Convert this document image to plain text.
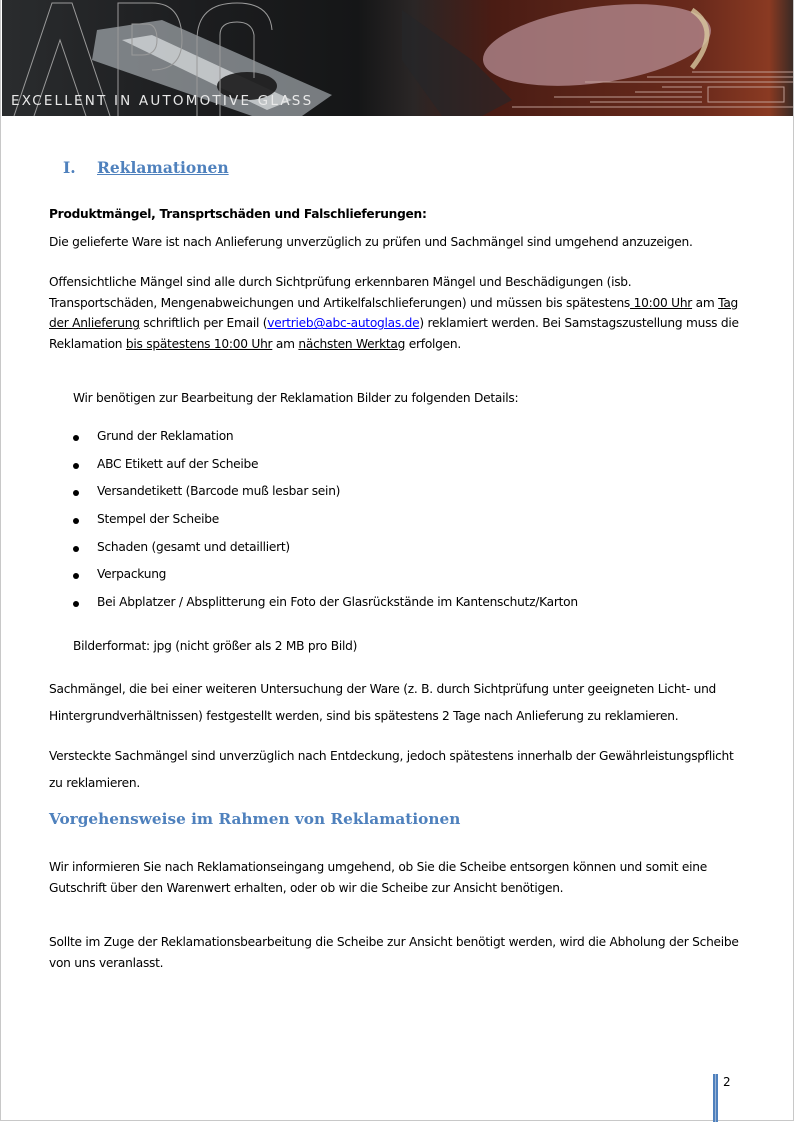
EXCELLENT IN AUTOMOTIVE GLASS
I. Reklamationen
Produktmängel, Transprtschäden und Falschlieferungen:
Die gelieferte Ware ist nach Anlieferung unverzüglich zu prüfen und Sachmängel sind umgehend anzuzeigen.
Offensichtliche Mängel sind alle durch Sichtprüfung erkennbaren Mängel und Beschädigungen (isb.
Transportschäden, Mengenabweichungen und Artikelfalschlieferungen) und müssen bis spätestens 10:00 Uhr am Tag
der Anlieferung schriftlich per Email (vertrieb@abc-autoglas.de) reklamiert werden. Bei Samstagszustellung muss die
Reklamation bis spätestens 10:00 Uhr am nächsten Werktag erfolgen.
Wir benötigen zur Bearbeitung der Reklamation Bilder zu folgenden Details:
Grund der Reklamation
ABC Etikett auf der Scheibe
Versandetikett (Barcode muß lesbar sein)
Stempel der Scheibe
Schaden (gesamt und detailliert)
Verpackung
Bei Abplatzer / Absplitterung ein Foto der Glasrückstände im Kantenschutz/Karton
Bilderformat: jpg (nicht größer als 2 MB pro Bild)
Sachmängel, die bei einer weiteren Untersuchung der Ware (z. B. durch Sichtprüfung unter geeigneten Licht- und
Hintergrundverhältnissen) festgestellt werden, sind bis spätestens 2 Tage nach Anlieferung zu reklamieren.
Versteckte Sachmängel sind unverzüglich nach Entdeckung, jedoch spätestens innerhalb der Gewährleistungspflicht
zu reklamieren.
Vorgehensweise im Rahmen von Reklamationen
Wir informieren Sie nach Reklamationseingang umgehend, ob Sie die Scheibe entsorgen können und somit eine
Gutschrift über den Warenwert erhalten, oder ob wir die Scheibe zur Ansicht benötigen.
Sollte im Zuge der Reklamationsbearbeitung die Scheibe zur Ansicht benötigt werden, wird die Abholung der Scheibe
von uns veranlasst.
2
